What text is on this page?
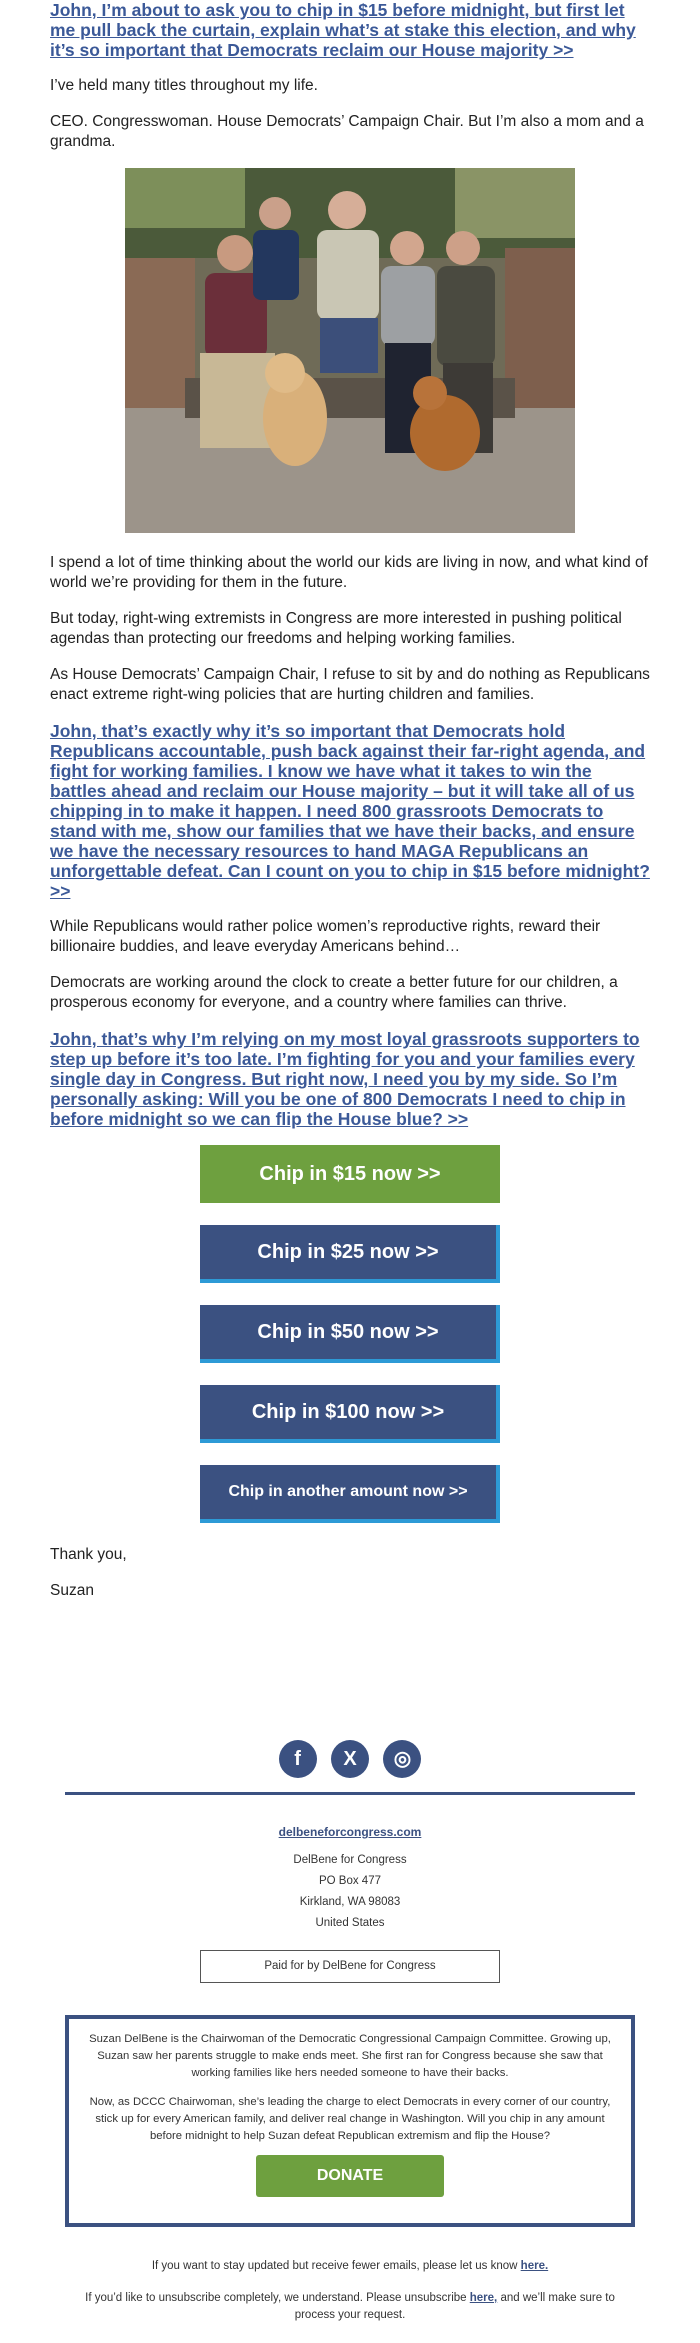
John, I’m about to ask you to chip in $15 before midnight, but first let me pull back the curtain, explain what’s at stake this election, and why it’s so important that Democrats reclaim our House majority >>

I’ve held many titles throughout my life.

CEO. Congresswoman. House Democrats’ Campaign Chair. But I’m also a mom and a grandma.

I spend a lot of time thinking about the world our kids are living in now, and what kind of world we’re providing for them in the future.

But today, right-wing extremists in Congress are more interested in pushing political agendas than protecting our freedoms and helping working families.

As House Democrats’ Campaign Chair, I refuse to sit by and do nothing as Republicans enact extreme right-wing policies that are hurting children and families.

John, that’s exactly why it’s so important that Democrats hold Republicans accountable, push back against their far-right agenda, and fight for working families. I know we have what it takes to win the battles ahead and reclaim our House majority – but it will take all of us chipping in to make it happen. I need 800 grassroots Democrats to stand with me, show our families that we have their backs, and ensure we have the necessary resources to hand MAGA Republicans an unforgettable defeat. Can I count on you to chip in $15 before midnight? >>

While Republicans would rather police women’s reproductive rights, reward their billionaire buddies, and leave everyday Americans behind…

Democrats are working around the clock to create a better future for our children, a prosperous economy for everyone, and a country where families can thrive.

John, that’s why I’m relying on my most loyal grassroots supporters to step up before it’s too late. I’m fighting for you and your families every single day in Congress. But right now, I need you by my side. So I’m personally asking: Will you be one of 800 Democrats I need to chip in before midnight so we can flip the House blue? >>
Chip in $15 now >>
Chip in $25 now >>
Chip in $50 now >>
Chip in $100 now >>
Chip in another amount now >>

Thank you,

Suzan

f X ◎
delbeneforcongress.com
DelBene for Congress
PO Box 477
Kirkland, WA 98083
United States
Paid for by DelBene for Congress

Suzan DelBene is the Chairwoman of the Democratic Congressional Campaign Committee. Growing up, Suzan saw her parents struggle to make ends meet. She first ran for Congress because she saw that working families like hers needed someone to have their backs.

Now, as DCCC Chairwoman, she’s leading the charge to elect Democrats in every corner of our country, stick up for every American family, and deliver real change in Washington. Will you chip in any amount before midnight to help Suzan defeat Republican extremism and flip the House?

DONATE
If you want to stay updated but receive fewer emails, please let us know here.
If you’d like to unsubscribe completely, we understand. Please unsubscribe here, and we’ll make sure to process your request.
